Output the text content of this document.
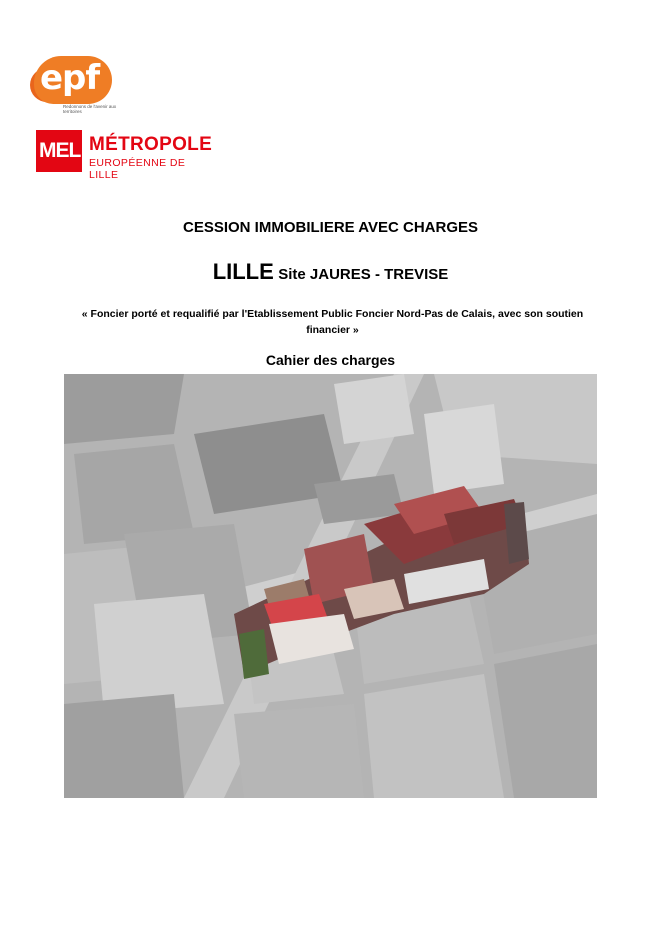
epf
Redonnons de l'avenir aux territoires
MEL MÉTROPOLE
EUROPÉENNE DE LILLE
CESSION IMMOBILIERE AVEC CHARGES
LILLE Site JAURES - TREVISE
« Foncier porté et requalifié par l'Etablissement Public Foncier Nord-Pas de Calais, avec son soutien financier »
Cahier des charges
